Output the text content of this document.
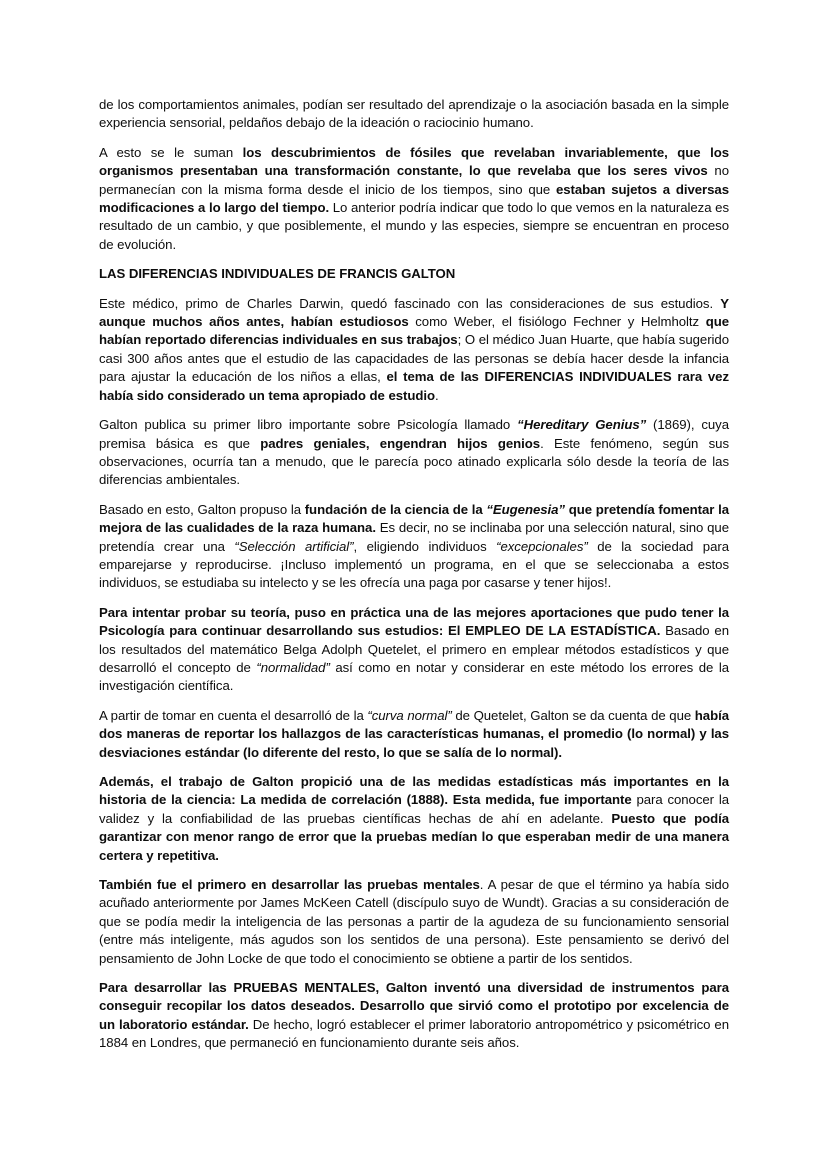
de los comportamientos animales, podían ser resultado del aprendizaje o la asociación basada en la simple experiencia sensorial, peldaños debajo de la ideación o raciocinio humano.

A esto se le suman los descubrimientos de fósiles que revelaban invariablemente, que los organismos presentaban una transformación constante, lo que revelaba que los seres vivos no permanecían con la misma forma desde el inicio de los tiempos, sino que estaban sujetos a diversas modificaciones a lo largo del tiempo. Lo anterior podría indicar que todo lo que vemos en la naturaleza es resultado de un cambio, y que posiblemente, el mundo y las especies, siempre se encuentran en proceso de evolución.

LAS DIFERENCIAS INDIVIDUALES DE FRANCIS GALTON

Este médico, primo de Charles Darwin, quedó fascinado con las consideraciones de sus estudios. Y aunque muchos años antes, habían estudiosos como Weber, el fisiólogo Fechner y Helmholtz que habían reportado diferencias individuales en sus trabajos; O el médico Juan Huarte, que había sugerido casi 300 años antes que el estudio de las capacidades de las personas se debía hacer desde la infancia para ajustar la educación de los niños a ellas, el tema de las DIFERENCIAS INDIVIDUALES rara vez había sido considerado un tema apropiado de estudio.

Galton publica su primer libro importante sobre Psicología llamado “Hereditary Genius” (1869), cuya premisa básica es que padres geniales, engendran hijos genios. Este fenómeno, según sus observaciones, ocurría tan a menudo, que le parecía poco atinado explicarla sólo desde la teoría de las diferencias ambientales.

Basado en esto, Galton propuso la fundación de la ciencia de la “Eugenesia” que pretendía fomentar la mejora de las cualidades de la raza humana. Es decir, no se inclinaba por una selección natural, sino que pretendía crear una “Selección artificial”, eligiendo individuos “excepcionales” de la sociedad para emparejarse y reproducirse. ¡Incluso implementó un programa, en el que se seleccionaba a estos individuos, se estudiaba su intelecto y se les ofrecía una paga por casarse y tener hijos!.

Para intentar probar su teoría, puso en práctica una de las mejores aportaciones que pudo tener la Psicología para continuar desarrollando sus estudios: El EMPLEO DE LA ESTADÍSTICA. Basado en los resultados del matemático Belga Adolph Quetelet, el primero en emplear métodos estadísticos y que desarrolló el concepto de “normalidad” así como en notar y considerar en este método los errores de la investigación científica.

A partir de tomar en cuenta el desarrolló de la “curva normal” de Quetelet, Galton se da cuenta de que había dos maneras de reportar los hallazgos de las características humanas, el promedio (lo normal) y las desviaciones estándar (lo diferente del resto, lo que se salía de lo normal).

Además, el trabajo de Galton propició una de las medidas estadísticas más importantes en la historia de la ciencia: La medida de correlación (1888). Esta medida, fue importante para conocer la validez y la confiabilidad de las pruebas científicas hechas de ahí en adelante. Puesto que podía garantizar con menor rango de error que la pruebas medían lo que esperaban medir de una manera certera y repetitiva.

También fue el primero en desarrollar las pruebas mentales. A pesar de que el término ya había sido acuñado anteriormente por James McKeen Catell (discípulo suyo de Wundt). Gracias a su consideración de que se podía medir la inteligencia de las personas a partir de la agudeza de su funcionamiento sensorial (entre más inteligente, más agudos son los sentidos de una persona). Este pensamiento se derivó del pensamiento de John Locke de que todo el conocimiento se obtiene a partir de los sentidos.

Para desarrollar las PRUEBAS MENTALES, Galton inventó una diversidad de instrumentos para conseguir recopilar los datos deseados. Desarrollo que sirvió como el prototipo por excelencia de un laboratorio estándar. De hecho, logró establecer el primer laboratorio antropométrico y psicométrico en 1884 en Londres, que permaneció en funcionamiento durante seis años.
